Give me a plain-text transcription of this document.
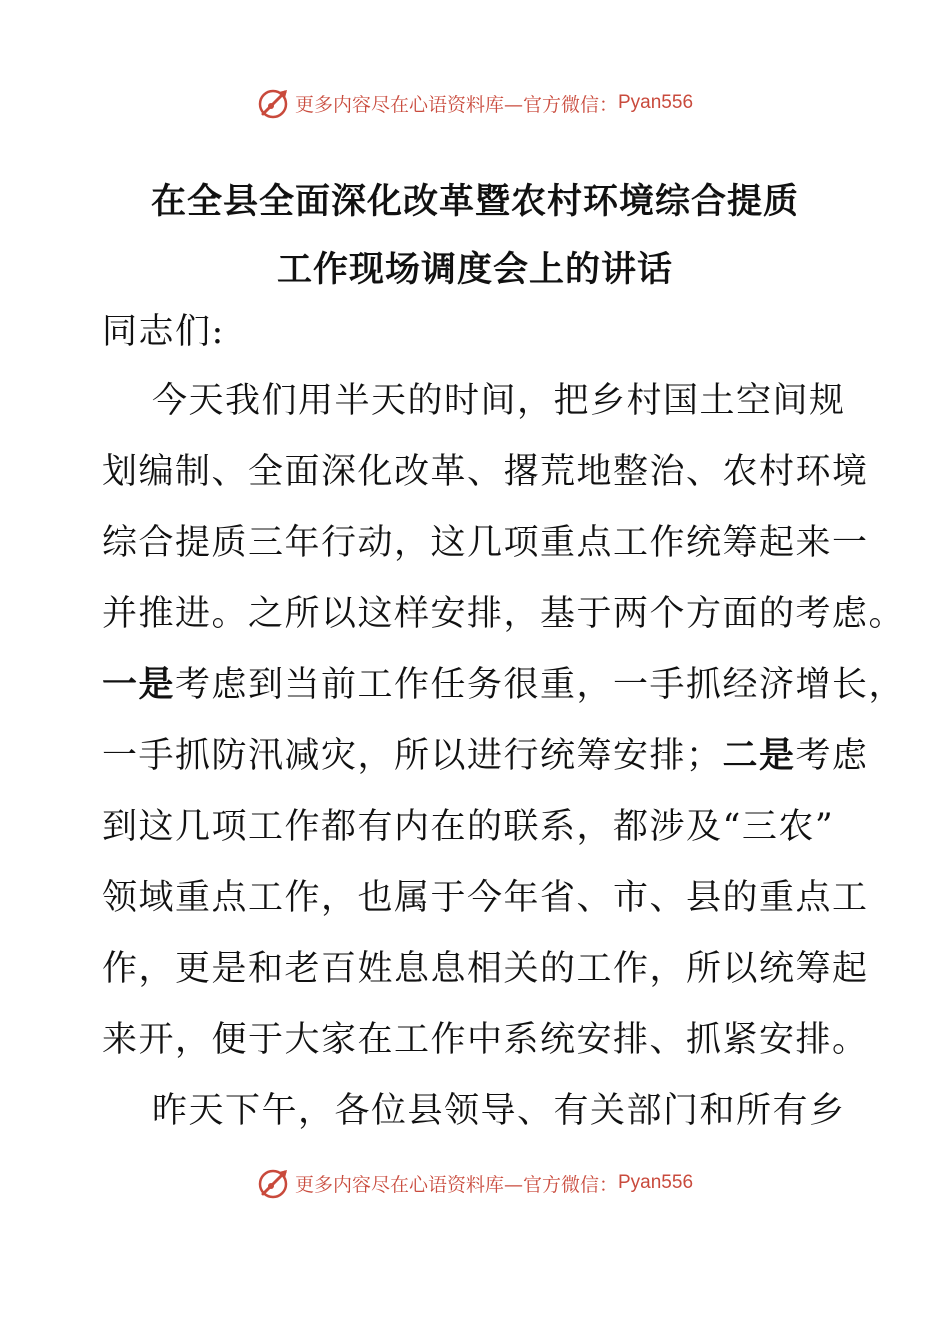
更多内容尽在心语资料库—官方微信： Pyan556
在全县全面深化改革暨农村环境综合提质
工作现场调度会上的讲话
同志们:
今天我们用半天的时间，把乡村国土空间规
划编制、全面深化改革、撂荒地整治、农村环境
综合提质三年行动，这几项重点工作统筹起来一
并推进。之所以这样安排，基于两个方面的考虑。
一是考虑到当前工作任务很重，一手抓经济增长，
一手抓防汛减灾，所以进行统筹安排；二是考虑
到这几项工作都有内在的联系，都涉及“三农”
领域重点工作，也属于今年省、市、县的重点工
作，更是和老百姓息息相关的工作，所以统筹起
来开，便于大家在工作中系统安排、抓紧安排。
昨天下午，各位县领导、有关部门和所有乡
更多内容尽在心语资料库—官方微信： Pyan556
